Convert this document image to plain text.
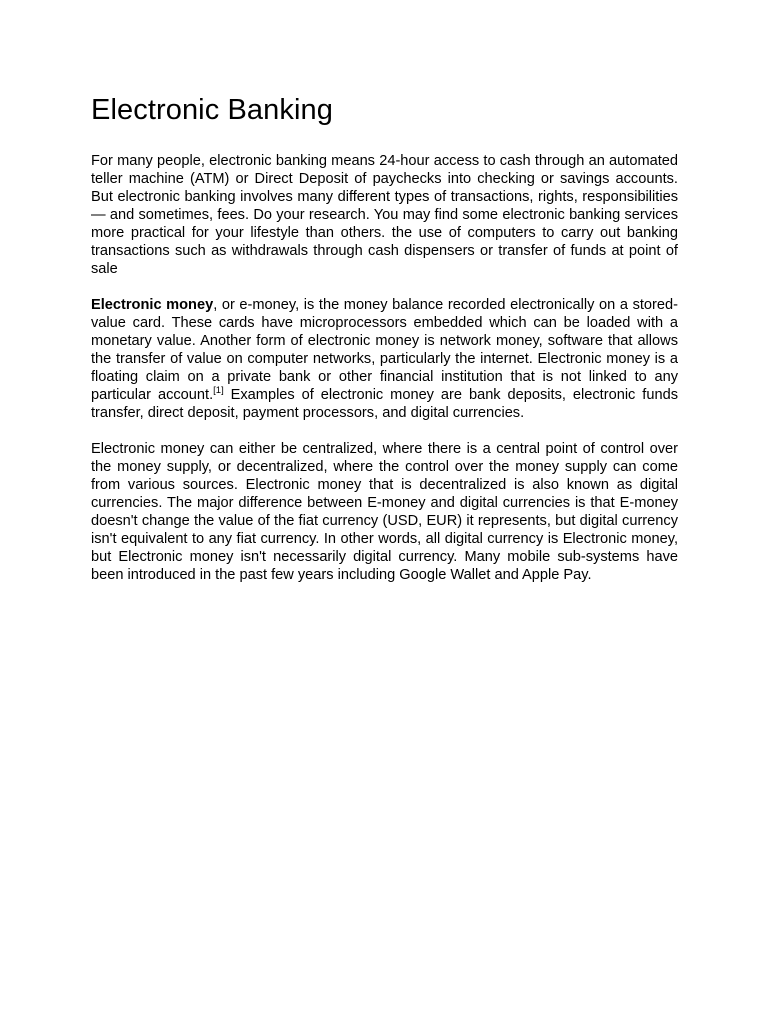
Electronic Banking

For many people, electronic banking means 24-hour access to cash through an automated teller machine (ATM) or Direct Deposit of paychecks into checking or savings accounts. But electronic banking involves many different types of transactions, rights, responsibilities — and sometimes, fees. Do your research. You may find some electronic banking services more practical for your lifestyle than others. the use of computers to carry out banking transactions such as withdrawals through cash dispensers or transfer of funds at point of sale

Electronic money, or e-money, is the money balance recorded electronically on a stored-value card. These cards have microprocessors embedded which can be loaded with a monetary value. Another form of electronic money is network money, software that allows the transfer of value on computer networks, particularly the internet. Electronic money is a floating claim on a private bank or other financial institution that is not linked to any particular account.[1] Examples of electronic money are bank deposits, electronic funds transfer, direct deposit, payment processors, and digital currencies.

Electronic money can either be centralized, where there is a central point of control over the money supply, or decentralized, where the control over the money supply can come from various sources. Electronic money that is decentralized is also known as digital currencies. The major difference between E-money and digital currencies is that E-money doesn't change the value of the fiat currency (USD, EUR) it represents, but digital currency isn't equivalent to any fiat currency. In other words, all digital currency is Electronic money, but Electronic money isn't necessarily digital currency. Many mobile sub-systems have been introduced in the past few years including Google Wallet and Apple Pay.
